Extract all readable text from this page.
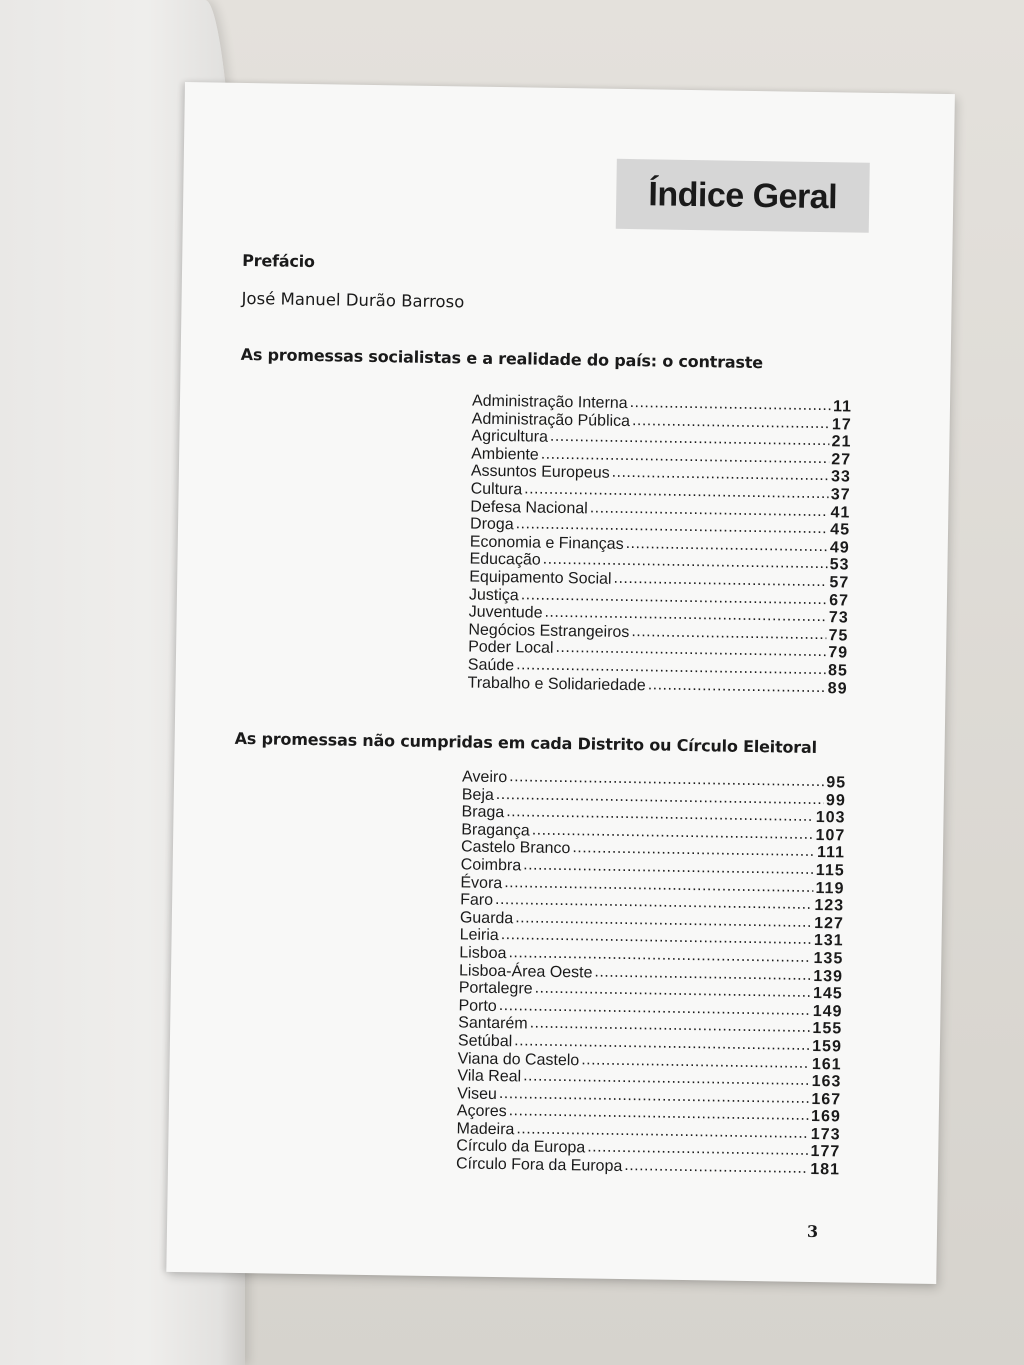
Índice Geral
Prefácio
José Manuel Durão Barroso
As promessas socialistas e a realidade do país: o contraste
Administração Interna .....	11
Administração Pública .....	17
Agricultura .....	21
Ambiente .....	27
Assuntos Europeus .....	33
Cultura .....	37
Defesa Nacional .....	41
Droga .....	45
Economia e Finanças .....	49
Educação .....	53
Equipamento Social .....	57
Justiça .....	67
Juventude .....	73
Negócios Estrangeiros .....	75
Poder Local .....	79
Saúde .....	85
Trabalho e Solidariedade .....	89
As promessas não cumpridas em cada Distrito ou Círculo Eleitoral
Aveiro .....	95
Beja .....	99
Braga .....	103
Bragança .....	107
Castelo Branco .....	111
Coimbra .....	115
Évora .....	119
Faro .....	123
Guarda .....	127
Leiria .....	131
Lisboa .....	135
Lisboa-Área Oeste .....	139
Portalegre .....	145
Porto .....	149
Santarém .....	155
Setúbal .....	159
Viana do Castelo .....	161
Vila Real .....	163
Viseu .....	167
Açores .....	169
Madeira .....	173
Círculo da Europa .....	177
Círculo Fora da Europa .....	181
3
